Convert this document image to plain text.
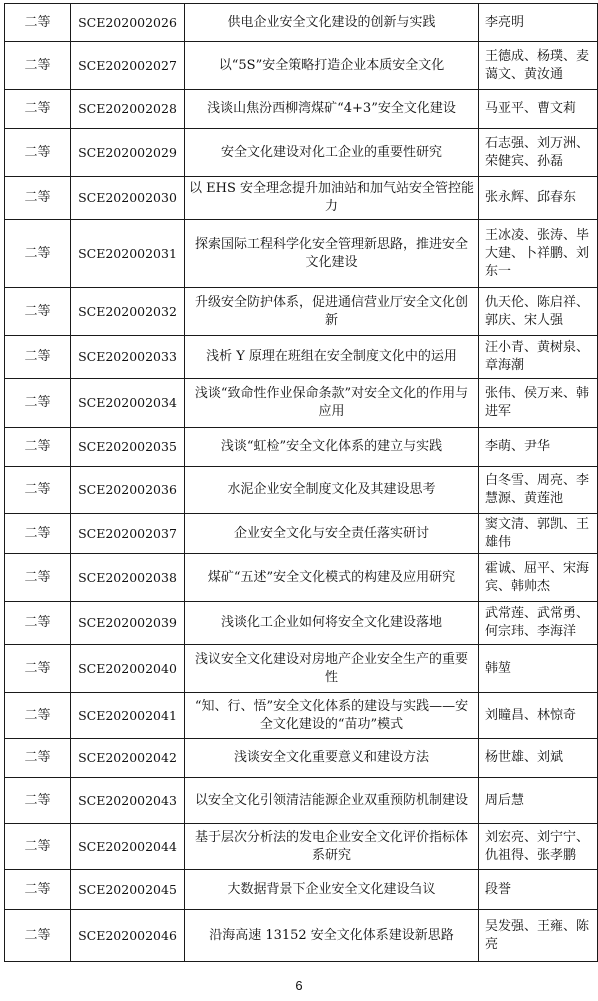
二等	SCE202002026	供电企业安全文化建设的创新与实践	李亮明
二等	SCE202002027	以“5S”安全策略打造企业本质安全文化	王德成、杨璞、麦蔼文、黄汝通
二等	SCE202002028	浅谈山焦汾西柳湾煤矿“4+3”安全文化建设	马亚平、曹文莉
二等	SCE202002029	安全文化建设对化工企业的重要性研究	石志强、刘万洲、荣健宾、孙磊
二等	SCE202002030	以 EHS 安全理念提升加油站和加气站安全管控能力	张永辉、邱春东
二等	SCE202002031	探索国际工程科学化安全管理新思路，推进安全文化建设	王冰凌、张涛、毕大建、卜祥鹏、刘东一
二等	SCE202002032	升级安全防护体系，促进通信营业厅安全文化创新	仇天伦、陈启祥、郭庆、宋人强
二等	SCE202002033	浅析 Y 原理在班组在安全制度文化中的运用	汪小青、黄树泉、章海潮
二等	SCE202002034	浅谈“致命性作业保命条款”对安全文化的作用与应用	张伟、侯万来、韩进军
二等	SCE202002035	浅谈“虹检”安全文化体系的建立与实践	李萌、尹华
二等	SCE202002036	水泥企业安全制度文化及其建设思考	白冬雪、周亮、李慧源、黄莲池
二等	SCE202002037	企业安全文化与安全责任落实研讨	窦文清、郭凯、王雄伟
二等	SCE202002038	煤矿“五述”安全文化模式的构建及应用研究	霍诚、屈平、宋海宾、韩帅杰
二等	SCE202002039	浅谈化工企业如何将安全文化建设落地	武常莲、武常勇、何宗玮、李海洋
二等	SCE202002040	浅议安全文化建设对房地产企业安全生产的重要性	韩堃
二等	SCE202002041	“知、行、悟”安全文化体系的建设与实践——安全文化建设的“苗功”模式	刘瞳昌、林惊奇
二等	SCE202002042	浅谈安全文化重要意义和建设方法	杨世雄、刘斌
二等	SCE202002043	以安全文化引领清洁能源企业双重预防机制建设	周后慧
二等	SCE202002044	基于层次分析法的发电企业安全文化评价指标体系研究	刘宏亮、刘宁宁、仇祖得、张孝鹏
二等	SCE202002045	大数据背景下企业安全文化建设刍议	段誉
二等	SCE202002046	沿海高速 13152 安全文化体系建设新思路	吴发强、王雍、陈亮
6
